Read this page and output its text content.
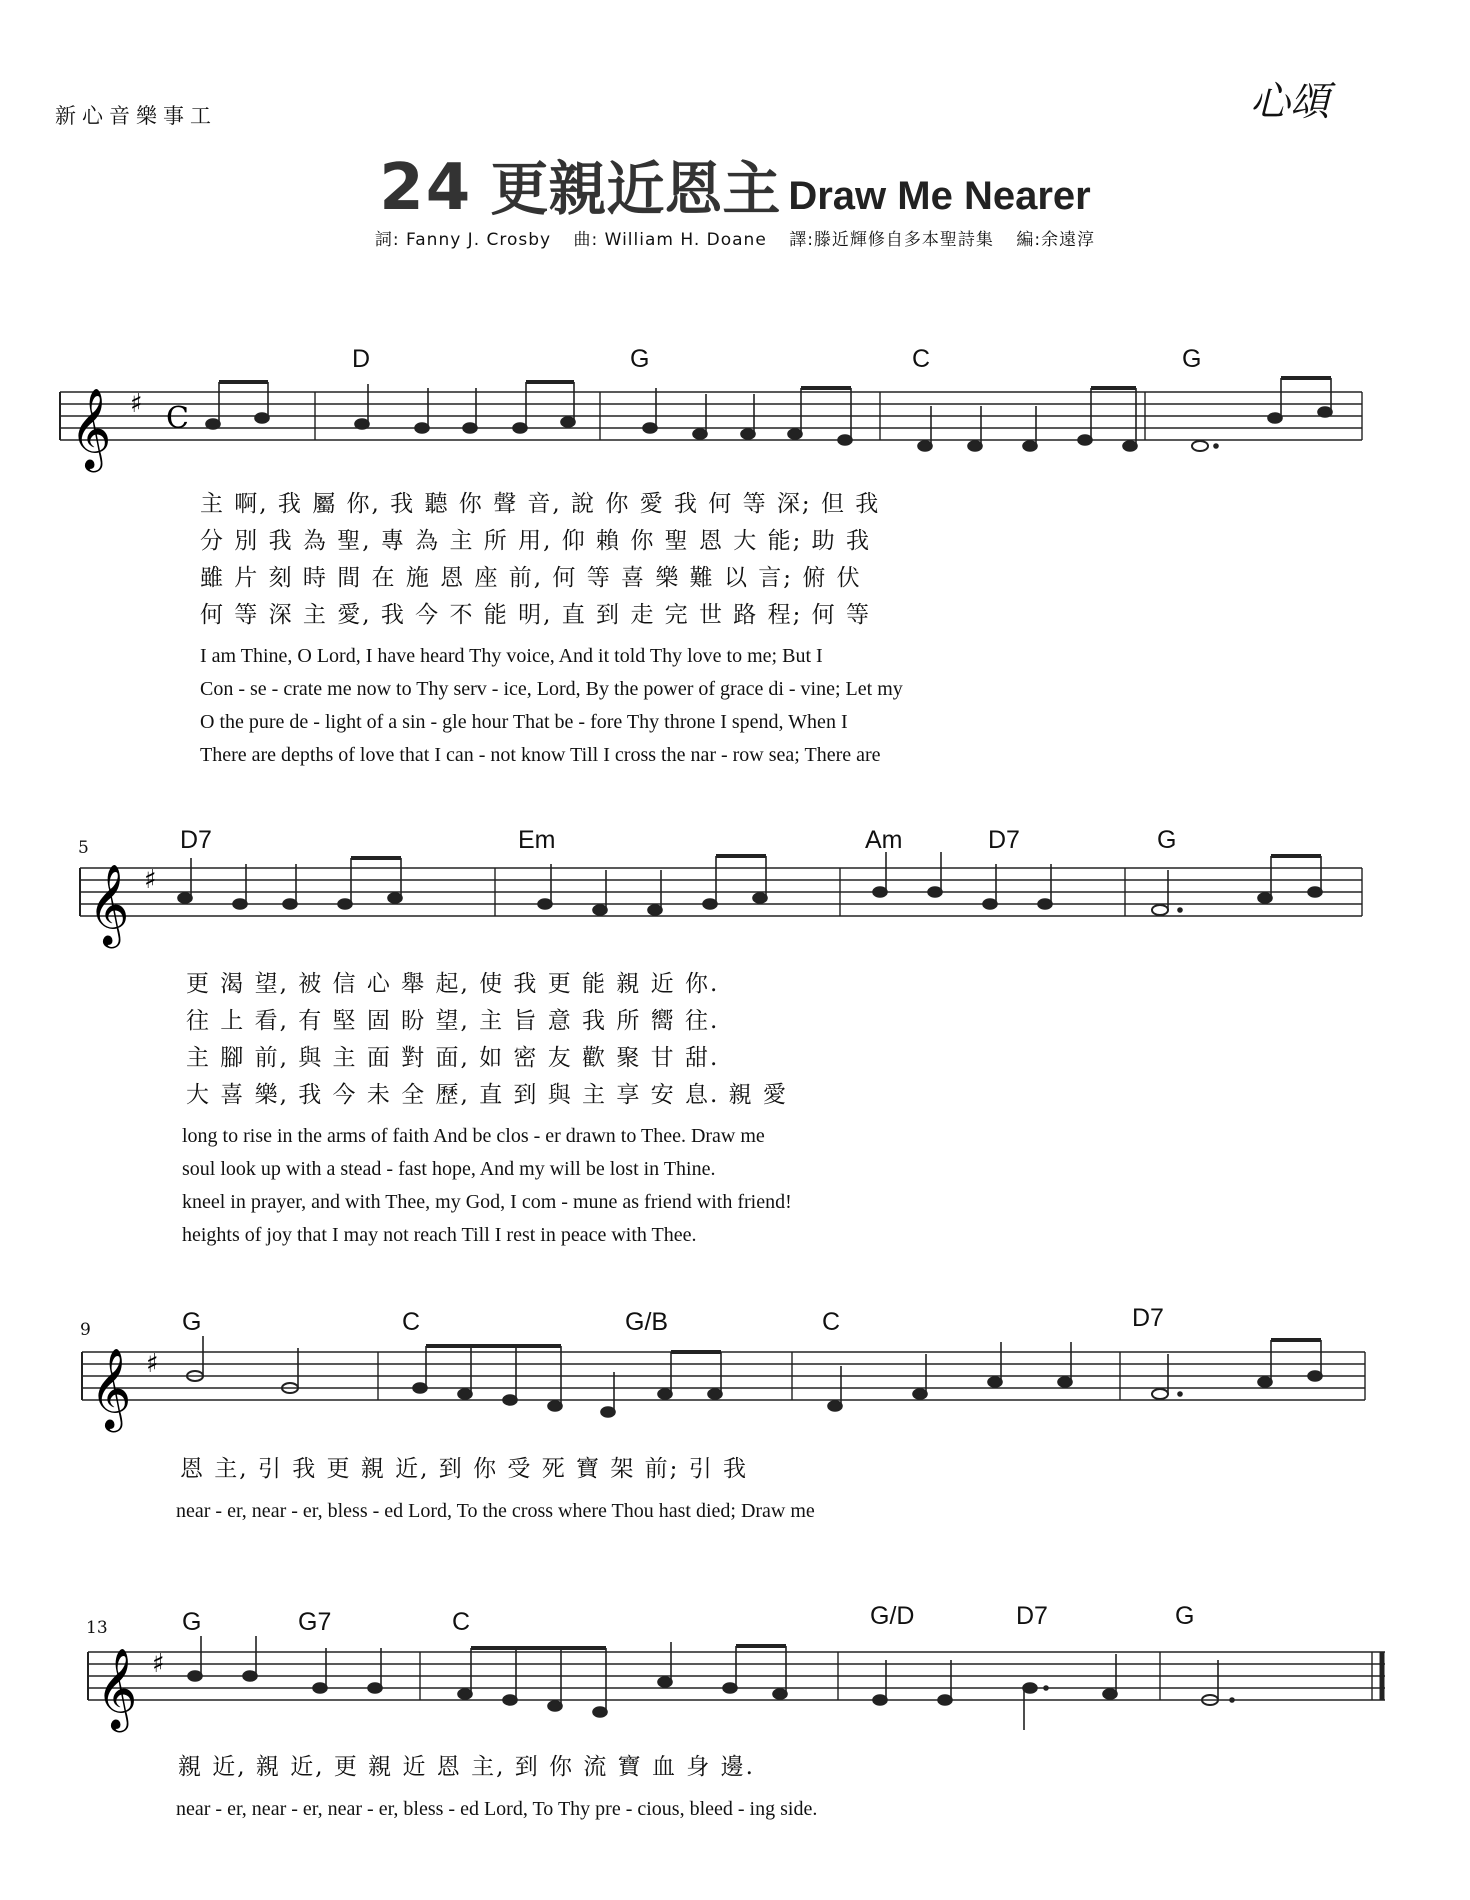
新心音樂事工	心頌
24 更親近恩主 Draw Me Nearer
詞: Fanny J. Crosby 曲: William H. Doane 譯:滕近輝修自多本聖詩集 編:余遠淳
D	G	C	G
𝄞 ♯ C
主 啊, 我 屬 你, 我 聽 你 聲 音, 說 你 愛 我 何 等 深; 但 我
分 別 我 為 聖, 專 為 主 所 用, 仰 賴 你 聖 恩 大 能; 助 我
雖 片 刻 時 間 在 施 恩 座 前, 何 等 喜 樂 難 以 言; 俯 伏
何 等 深 主 愛, 我 今 不 能 明, 直 到 走 完 世 路 程; 何 等
I am Thine, O Lord, I have heard Thy voice, And it told Thy love to me; But I
Con - se - crate me now to Thy serv - ice, Lord, By the power of grace di - vine; Let my
O the pure de - light of a sin - gle hour That be - fore Thy throne I spend, When I
There are depths of love that I can - not know Till I cross the nar - row sea; There are
5	D7	Em	Am	D7	G
𝄞 ♯
更 渴 望, 被 信 心 舉 起, 使 我 更 能 親 近 你.
往 上 看, 有 堅 固 盼 望, 主 旨 意 我 所 嚮 往.
主 腳 前, 與 主 面 對 面, 如 密 友 歡 聚 甘 甜.
大 喜 樂, 我 今 未 全 歷, 直 到 與 主 享 安 息. 親 愛
long to rise in the arms of faith And be clos - er drawn to Thee. Draw me
soul look up with a stead - fast hope, And my will be lost in Thine.
kneel in prayer, and with Thee, my God, I com - mune as friend with friend!
heights of joy that I may not reach Till I rest in peace with Thee.
9	G	C	G/B	C	D7
𝄞 ♯
恩 主, 引 我 更 親 近, 到 你 受 死 寶 架 前; 引 我
near - er, near - er, bless - ed Lord, To the cross where Thou hast died; Draw me
13	G	G7	C	G/D	D7	G
𝄞 ♯
親 近, 親 近, 更 親 近 恩 主, 到 你 流 寶 血 身 邊.
near - er, near - er, near - er, bless - ed Lord, To Thy pre - cious, bleed - ing side.
